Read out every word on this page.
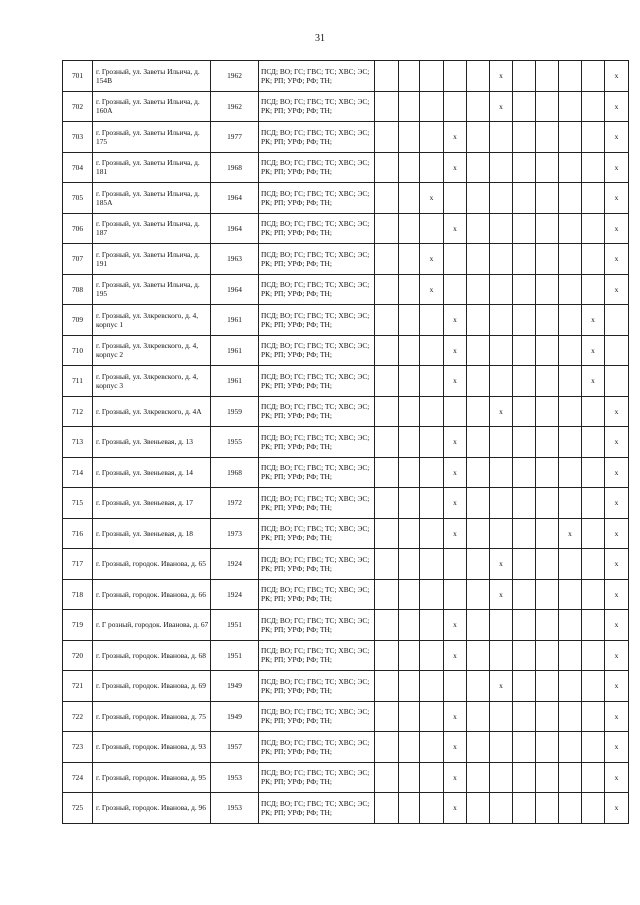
31
701	г. Грозный, ул. Заветы Ильича, д. 154В	1962	ПСД; ВО; ГС; ГВС; ТС; ХВС; ЭС; РК; РП; УРФ; РФ; ТН;						x					x
702	г. Грозный, ул. Заветы Ильича, д. 160А	1962	ПСД; ВО; ГС; ГВС; ТС; ХВС; ЭС; РК; РП; УРФ; РФ; ТН;						x					x
703	г. Грозный, ул. Заветы Ильича, д. 175	1977	ПСД; ВО; ГС; ГВС; ТС; ХВС; ЭС; РК; РП; УРФ; РФ; ТН;				x							x
704	г. Грозный, ул. Заветы Ильича, д. 181	1968	ПСД; ВО; ГС; ГВС; ТС; ХВС; ЭС; РК; РП; УРФ; РФ; ТН;				x							x
705	г. Грозный, ул. Заветы Ильича, д. 185А	1964	ПСД; ВО; ГС; ГВС; ТС; ХВС; ЭС; РК; РП; УРФ; РФ; ТН;			x								x
706	г. Грозный, ул. Заветы Ильича, д. 187	1964	ПСД; ВО; ГС; ГВС; ТС; ХВС; ЭС; РК; РП; УРФ; РФ; ТН;				x							x
707	г. Грозный, ул. Заветы Ильича, д. 191	1963	ПСД; ВО; ГС; ГВС; ТС; ХВС; ЭС; РК; РП; УРФ; РФ; ТН;			x								x
708	г. Грозный, ул. Заветы Ильича, д. 195	1964	ПСД; ВО; ГС; ГВС; ТС; ХВС; ЭС; РК; РП; УРФ; РФ; ТН;			x								x
709	г. Грозный, ул. Злкревского, д. 4, корпус 1	1961	ПСД; ВО; ГС; ГВС; ТС; ХВС; ЭС; РК; РП; УРФ; РФ; ТН;				x						x	
710	г. Грозный, ул. Злкревского, д. 4, корпус 2	1961	ПСД; ВО; ГС; ГВС; ТС; ХВС; ЭС; РК; РП; УРФ; РФ; ТН;				x						x	
711	г. Грозный, ул. Злкревского, д. 4, корпус 3	1961	ПСД; ВО; ГС; ГВС; ТС; ХВС; ЭС; РК; РП; УРФ; РФ; ТН;				x						x	
712	г. Грозный, ул. Злкревского, д. 4А	1959	ПСД; ВО; ГС; ГВС; ТС; ХВС; ЭС; РК; РП; УРФ; РФ; ТН;						x					x
713	г. Грозный, ул. Звеньевая, д. 13	1955	ПСД; ВО; ГС; ГВС; ТС; ХВС; ЭС; РК; РП; УРФ; РФ; ТН;				x							x
714	г. Грозный, ул. Звеньевая, д. 14	1968	ПСД; ВО; ГС; ГВС; ТС; ХВС; ЭС; РК; РП; УРФ; РФ; ТН;				x							x
715	г. Грозный, ул. Звеньевая, д. 17	1972	ПСД; ВО; ГС; ГВС; ТС; ХВС; ЭС; РК; РП; УРФ; РФ; ТН;				x							x
716	г. Грозный, ул. Звеньевая, д. 18	1973	ПСД; ВО; ГС; ГВС; ТС; ХВС; ЭС; РК; РП; УРФ; РФ; ТН;				x					x		x
717	г. Грозный, городок. Иванова, д. 65	1924	ПСД; ВО; ГС; ГВС; ТС; ХВС; ЭС; РК; РП; УРФ; РФ; ТН;						x					x
718	г. Грозный, городок. Иванова, д. 66	1924	ПСД; ВО; ГС; ГВС; ТС; ХВС; ЭС; РК; РП; УРФ; РФ; ТН;						x					x
719	г. Г розный, городок. Иванова, д. 67	1951	ПСД; ВО; ГС; ГВС; ТС; ХВС; ЭС; РК; РП; УРФ; РФ; ТН;				x							x
720	г. Грозный, городок. Иванова, д. 68	1951	ПСД; ВО; ГС; ГВС; ТС; ХВС; ЭС; РК; РП; УРФ; РФ; ТН;				x							x
721	г. Грозный, городок. Иванова, д. 69	1949	ПСД; ВО; ГС; ГВС; ТС; ХВС; ЭС; РК; РП; УРФ; РФ; ТН;						x					x
722	г. Грозный, городок. Иванова, д. 75	1949	ПСД; ВО; ГС; ГВС; ТС; ХВС; ЭС; РК; РП; УРФ; РФ; ТН;				x							x
723	г. Грозный, городок. Иванова, д. 93	1957	ПСД; ВО; ГС; ГВС; ТС; ХВС; ЭС; РК; РП; УРФ; РФ; ТН;				x							x
724	г. Грозный, городок. Иванова, д. 95	1953	ПСД; ВО; ГС; ГВС; ТС; ХВС; ЭС; РК; РП; УРФ; РФ; ТН;				x							x
725	г. Грозный, городок. Иванова, д. 96	1953	ПСД; ВО; ГС; ГВС; ТС; ХВС; ЭС; РК; РП; УРФ; РФ; ТН;				x							x
